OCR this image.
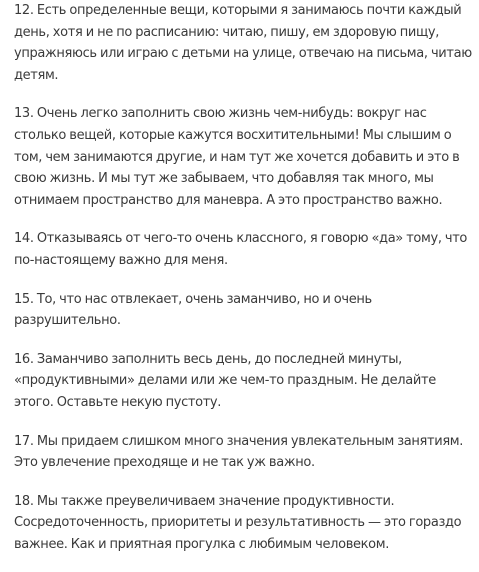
12. Есть определенные вещи, которыми я занимаюсь почти каждый день, хотя и не по расписанию: читаю, пишу, ем здоровую пищу, упражняюсь или играю с детьми на улице, отвечаю на письма, читаю детям.

13. Очень легко заполнить свою жизнь чем-нибудь: вокруг нас столько вещей, которые кажутся восхитительными! Мы слышим о том, чем занимаются другие, и нам тут же хочется добавить и это в свою жизнь. И мы тут же забываем, что добавляя так много, мы отнимаем пространство для маневра. А это пространство важно.

14. Отказываясь от чего-то очень классного, я говорю «да» тому, что по-настоящему важно для меня.

15. То, что нас отвлекает, очень заманчиво, но и очень разрушительно.

16. Заманчиво заполнить весь день, до последней минуты, «продуктивными» делами или же чем-то праздным. Не делайте этого. Оставьте некую пустоту.

17. Мы придаем слишком много значения увлекательным занятиям. Это увлечение преходяще и не так уж важно.

18. Мы также преувеличиваем значение продуктивности. Сосредоточенность, приоритеты и результативность — это гораздо важнее. Как и приятная прогулка с любимым человеком.
